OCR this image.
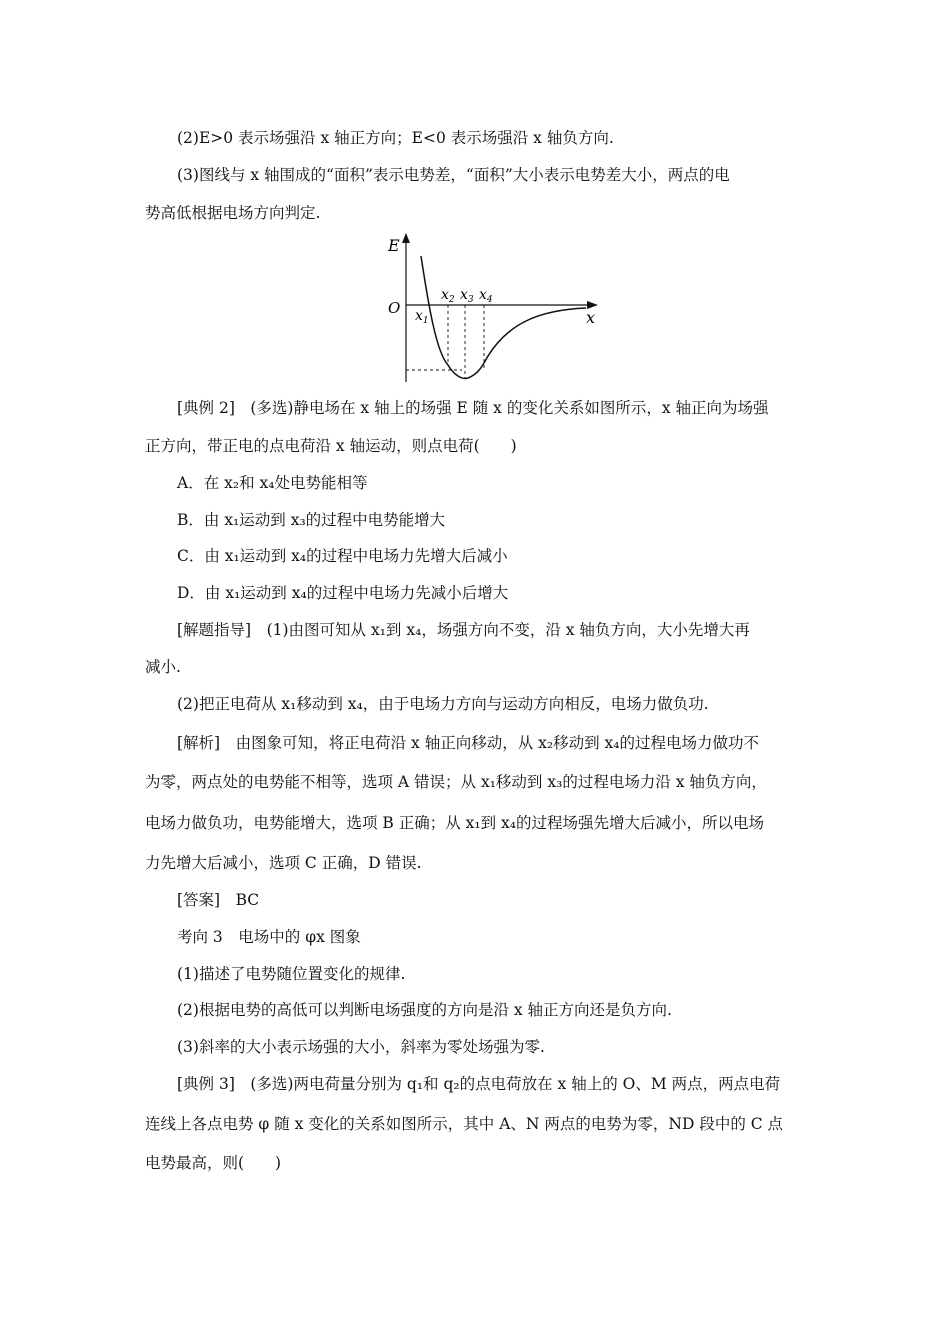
(2)E>0 表示场强沿 x 轴正方向；E<0 表示场强沿 x 轴负方向.
(3)图线与 x 轴围成的“面积”表示电势差，“面积”大小表示电势差大小，两点的电
势高低根据电场方向判定.
E
O	x
$x_1$
$x_2$ $x_3$ $x_4$
[典例 2]　(多选)静电场在 x 轴上的场强 E 随 x 的变化关系如图所示，x 轴正向为场强
正方向，带正电的点电荷沿 x 轴运动，则点电荷(　　)
A．在 x₂和 x₄处电势能相等
B．由 x₁运动到 x₃的过程中电势能增大
C．由 x₁运动到 x₄的过程中电场力先增大后减小
D．由 x₁运动到 x₄的过程中电场力先减小后增大
[解题指导]　(1)由图可知从 x₁到 x₄，场强方向不变，沿 x 轴负方向，大小先增大再
减小.
(2)把正电荷从 x₁移动到 x₄，由于电场力方向与运动方向相反，电场力做负功.
[解析]　由图象可知，将正电荷沿 x 轴正向移动，从 x₂移动到 x₄的过程电场力做功不
为零，两点处的电势能不相等，选项 A 错误；从 x₁移动到 x₃的过程电场力沿 x 轴负方向，
电场力做负功，电势能增大，选项 B 正确；从 x₁到 x₄的过程场强先增大后减小，所以电场
力先增大后减小，选项 C 正确，D 错误.
[答案]　BC
考向 3　电场中的 φx 图象
(1)描述了电势随位置变化的规律.
(2)根据电势的高低可以判断电场强度的方向是沿 x 轴正方向还是负方向.
(3)斜率的大小表示场强的大小，斜率为零处场强为零.
[典例 3]　(多选)两电荷量分别为 q₁和 q₂的点电荷放在 x 轴上的 O、M 两点，两点电荷
连线上各点电势 φ 随 x 变化的关系如图所示，其中 A、N 两点的电势为零，ND 段中的 C 点
电势最高，则(　　)
